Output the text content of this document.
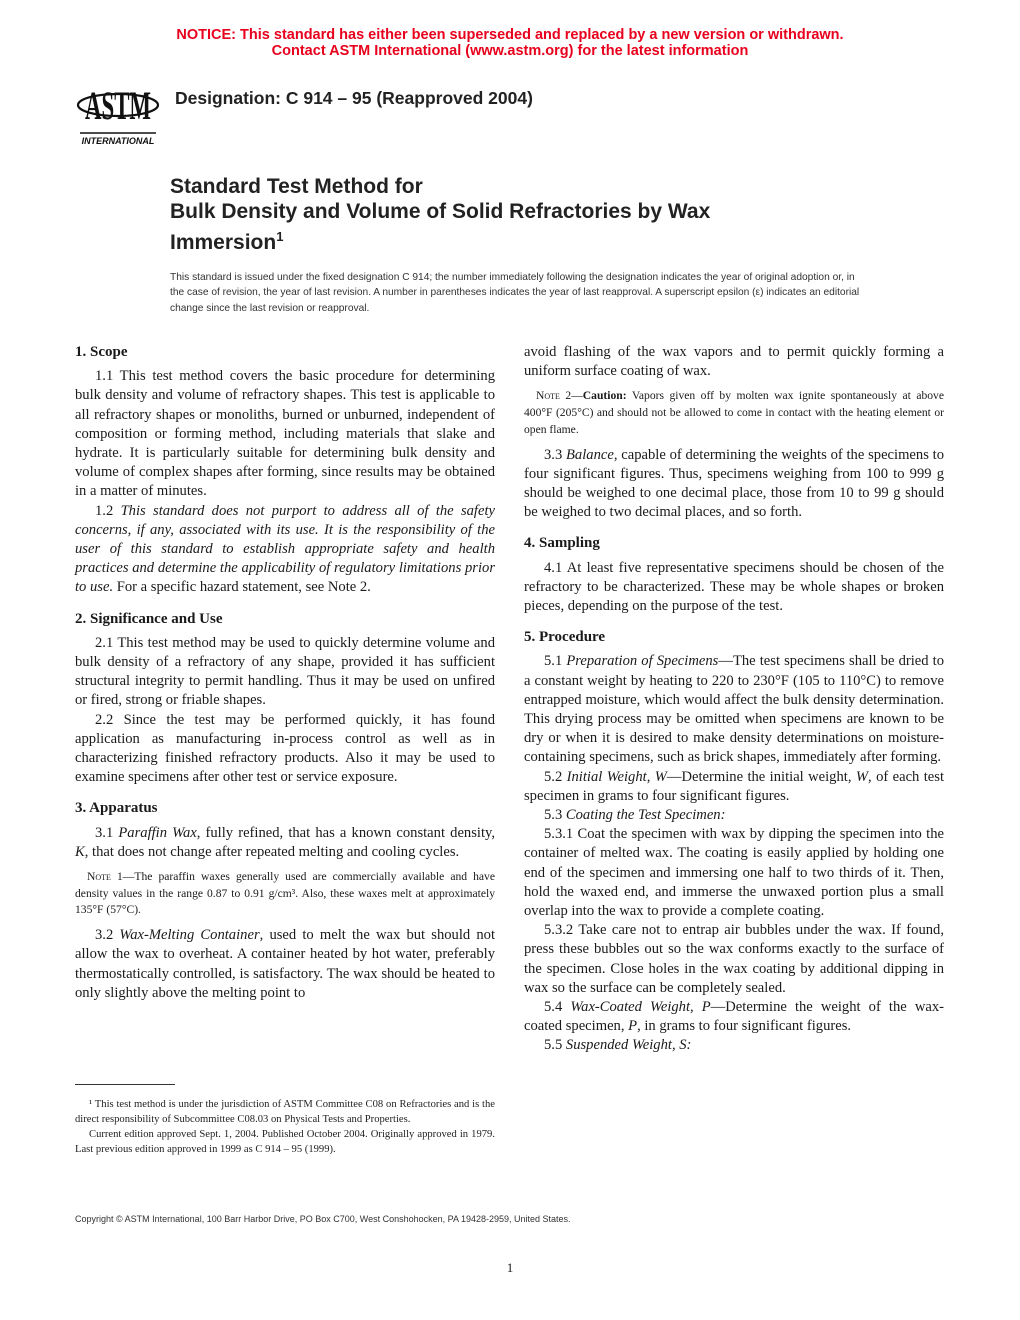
NOTICE: This standard has either been superseded and replaced by a new version or withdrawn.
Contact ASTM International (www.astm.org) for the latest information
ASTM
INTERNATIONAL
Designation: C 914 – 95 (Reapproved 2004)
Standard Test Method for
Bulk Density and Volume of Solid Refractories by Wax
Immersion$^1$
This standard is issued under the fixed designation C 914; the number immediately following the designation indicates the year of original adoption or, in the case of revision, the year of last revision. A number in parentheses indicates the year of last reapproval. A superscript epsilon (ε) indicates an editorial change since the last revision or reapproval.
1. Scope

1.1 This test method covers the basic procedure for determining bulk density and volume of refractory shapes. This test is applicable to all refractory shapes or monoliths, burned or unburned, independent of composition or forming method, including materials that slake and hydrate. It is particularly suitable for determining bulk density and volume of complex shapes after forming, since results may be obtained in a matter of minutes.

1.2 This standard does not purport to address all of the safety concerns, if any, associated with its use. It is the responsibility of the user of this standard to establish appropriate safety and health practices and determine the applicability of regulatory limitations prior to use. For a specific hazard statement, see Note 2.

2. Significance and Use

2.1 This test method may be used to quickly determine volume and bulk density of a refractory of any shape, provided it has sufficient structural integrity to permit handling. Thus it may be used on unfired or fired, strong or friable shapes.

2.2 Since the test may be performed quickly, it has found application as manufacturing in-process control as well as in characterizing finished refractory products. Also it may be used to examine specimens after other test or service exposure.

3. Apparatus

3.1 Paraffin Wax, fully refined, that has a known constant density, K, that does not change after repeated melting and cooling cycles.

Note 1—The paraffin waxes generally used are commercially available and have density values in the range 0.87 to 0.91 g/cm³. Also, these waxes melt at approximately 135°F (57°C).

3.2 Wax-Melting Container, used to melt the wax but should not allow the wax to overheat. A container heated by hot water, preferably thermostatically controlled, is satisfactory. The wax should be heated to only slightly above the melting point to

avoid flashing of the wax vapors and to permit quickly forming a uniform surface coating of wax.

Note 2—Caution: Vapors given off by molten wax ignite spontaneously at above 400°F (205°C) and should not be allowed to come in contact with the heating element or open flame.

3.3 Balance, capable of determining the weights of the specimens to four significant figures. Thus, specimens weighing from 100 to 999 g should be weighed to one decimal place, those from 10 to 99 g should be weighed to two decimal places, and so forth.

4. Sampling

4.1 At least five representative specimens should be chosen of the refractory to be characterized. These may be whole shapes or broken pieces, depending on the purpose of the test.

5. Procedure

5.1 Preparation of Specimens—The test specimens shall be dried to a constant weight by heating to 220 to 230°F (105 to 110°C) to remove entrapped moisture, which would affect the bulk density determination. This drying process may be omitted when specimens are known to be dry or when it is desired to make density determinations on moisture-containing specimens, such as brick shapes, immediately after forming.

5.2 Initial Weight, W—Determine the initial weight, W, of each test specimen in grams to four significant figures.

5.3 Coating the Test Specimen:

5.3.1 Coat the specimen with wax by dipping the specimen into the container of melted wax. The coating is easily applied by holding one end of the specimen and immersing one half to two thirds of it. Then, hold the waxed end, and immerse the unwaxed portion plus a small overlap into the wax to provide a complete coating.

5.3.2 Take care not to entrap air bubbles under the wax. If found, press these bubbles out so the wax conforms exactly to the surface of the specimen. Close holes in the wax coating by additional dipping in wax so the surface can be completely sealed.

5.4 Wax-Coated Weight, P—Determine the weight of the wax-coated specimen, P, in grams to four significant figures.

5.5 Suspended Weight, S:

¹ This test method is under the jurisdiction of ASTM Committee C08 on Refractories and is the direct responsibility of Subcommittee C08.03 on Physical Tests and Properties.

Current edition approved Sept. 1, 2004. Published October 2004. Originally approved in 1979. Last previous edition approved in 1999 as C 914 – 95 (1999).

Copyright © ASTM International, 100 Barr Harbor Drive, PO Box C700, West Conshohocken, PA 19428-2959, United States.
1
